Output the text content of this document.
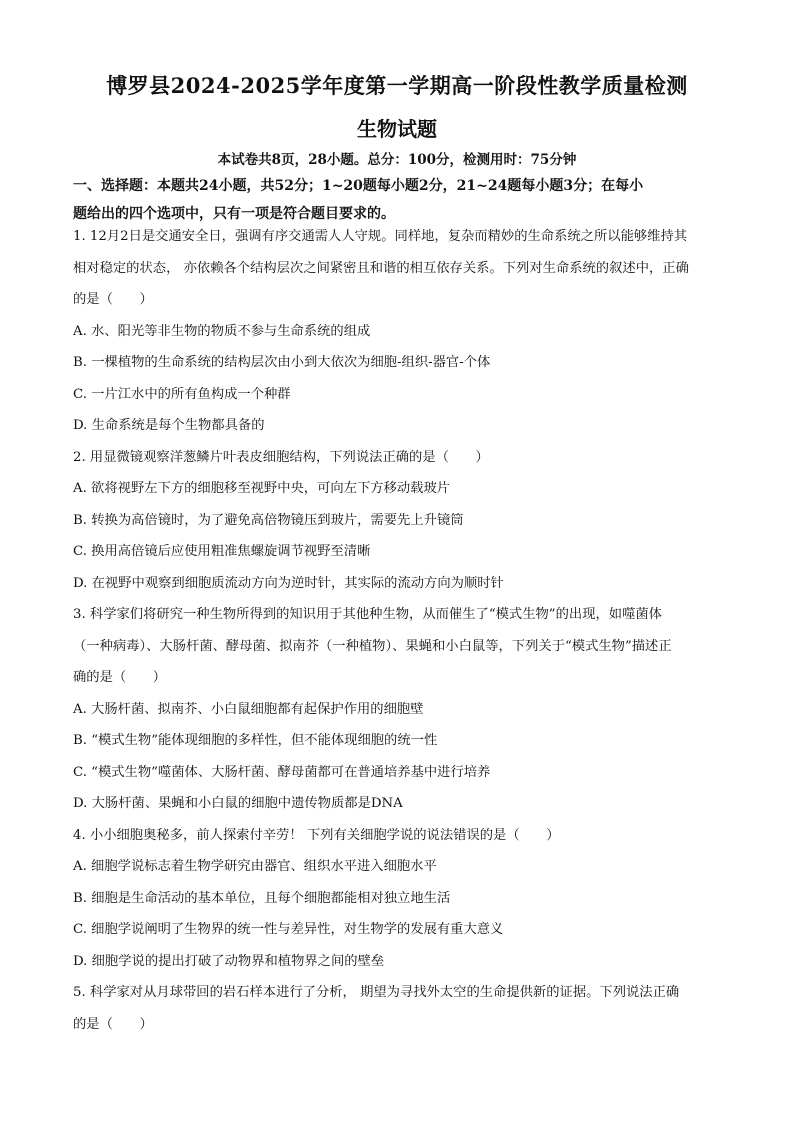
博罗县2024-2025学年度第一学期高一阶段性教学质量检测
生物试题
本试卷共8页，28小题。总分：100分，检测用时：75分钟
一、选择题：本题共24小题，共52分；1~20题每小题2分，21~24题每小题3分；在每小
题给出的四个选项中，只有一项是符合题目要求的。
1. 12月2日是交通安全日，强调有序交通需人人守规。同样地，复杂而精妙的生命系统之所以能够维持其
相对稳定的状态， 亦依赖各个结构层次之间紧密且和谐的相互依存关系。下列对生命系统的叙述中，正确
的是（　　）
A. 水、阳光等非生物的物质不参与生命系统的组成
B. 一棵植物的生命系统的结构层次由小到大依次为细胞-组织-器官-个体
C. 一片江水中的所有鱼构成一个种群
D. 生命系统是每个生物都具备的
2. 用显微镜观察洋葱鳞片叶表皮细胞结构，下列说法正确的是（　　）
A. 欲将视野左下方的细胞移至视野中央，可向左下方移动载玻片
B. 转换为高倍镜时，为了避免高倍物镜压到玻片，需要先上升镜筒
C. 换用高倍镜后应使用粗准焦螺旋调节视野至清晰
D. 在视野中观察到细胞质流动方向为逆时针，其实际的流动方向为顺时针
3. 科学家们将研究一种生物所得到的知识用于其他种生物，从而催生了“模式生物”的出现，如噬菌体
（一种病毒）、大肠杆菌、酵母菌、拟南芥（一种植物）、果蝇和小白鼠等，下列关于“模式生物”描述正
确的是（　　）
A. 大肠杆菌、拟南芥、小白鼠细胞都有起保护作用的细胞壁
B. “模式生物”能体现细胞的多样性，但不能体现细胞的统一性
C. “模式生物”噬菌体、大肠杆菌、酵母菌都可在普通培养基中进行培养
D. 大肠杆菌、果蝇和小白鼠的细胞中遗传物质都是DNA
4. 小小细胞奥秘多，前人探索付辛劳！ 下列有关细胞学说的说法错误的是（　　）
A. 细胞学说标志着生物学研究由器官、组织水平进入细胞水平
B. 细胞是生命活动的基本单位，且每个细胞都能相对独立地生活
C. 细胞学说阐明了生物界的统一性与差异性，对生物学的发展有重大意义
D. 细胞学说的提出打破了动物界和植物界之间的壁垒
5. 科学家对从月球带回的岩石样本进行了分析， 期望为寻找外太空的生命提供新的证据。下列说法正确
的是（　　）
